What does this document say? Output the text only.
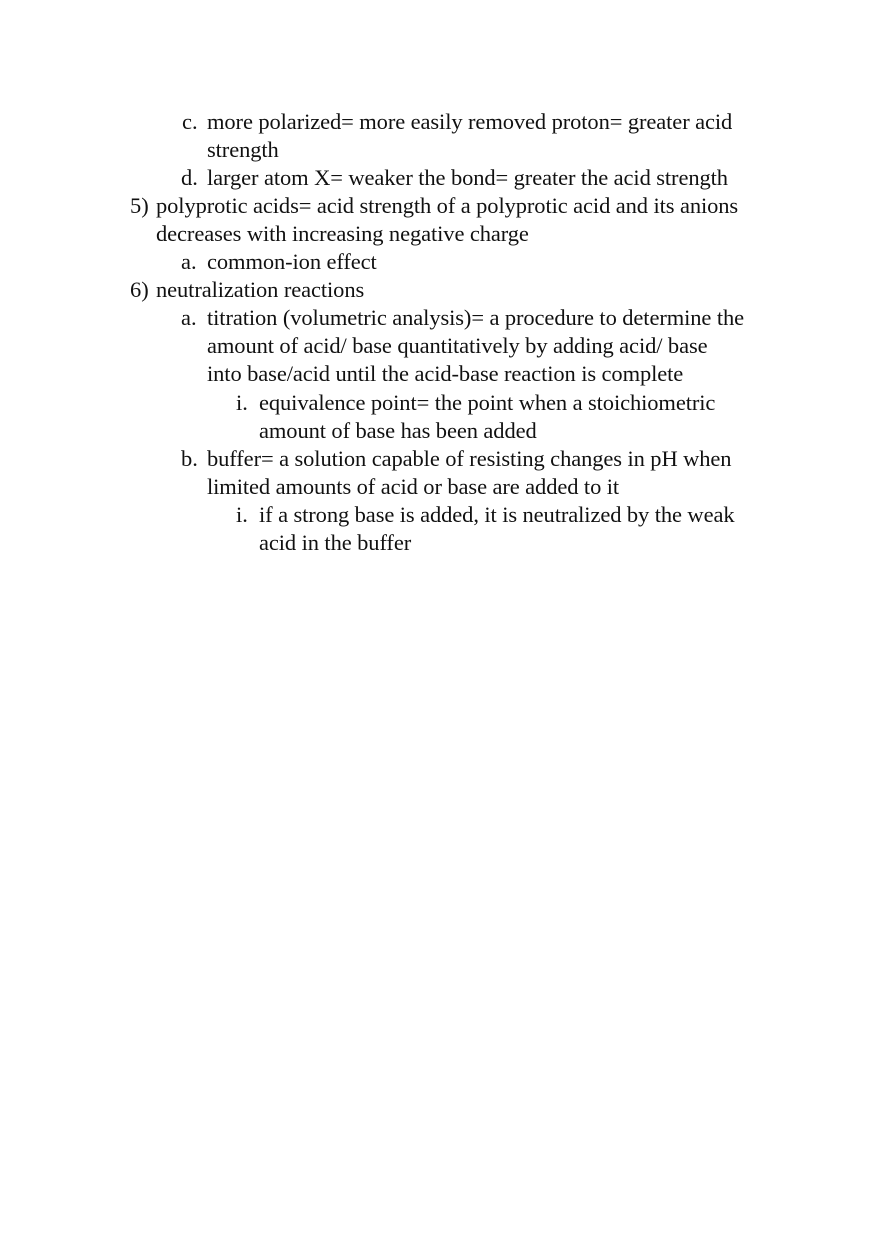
c. more polarized= more easily removed proton= greater acid
strength
d. larger atom X= weaker the bond= greater the acid strength
5) polyprotic acids= acid strength of a polyprotic acid and its anions
decreases with increasing negative charge
a. common-ion effect
6) neutralization reactions
a. titration (volumetric analysis)= a procedure to determine the
amount of acid/ base quantitatively by adding acid/ base
into base/acid until the acid-base reaction is complete
i. equivalence point= the point when a stoichiometric
amount of base has been added
b. buffer= a solution capable of resisting changes in pH when
limited amounts of acid or base are added to it
i. if a strong base is added, it is neutralized by the weak
acid in the buffer
